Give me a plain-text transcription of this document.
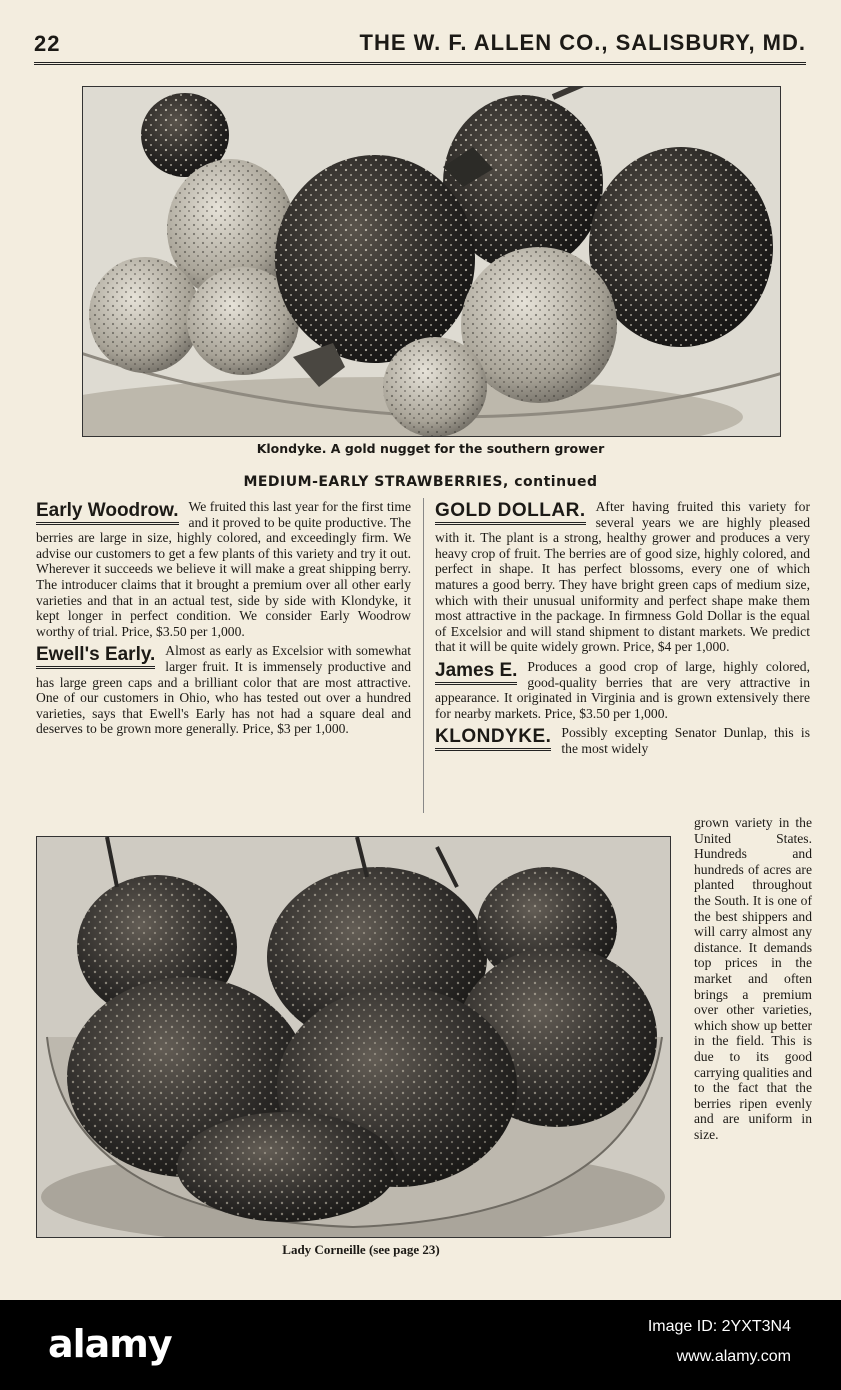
22	THE W. F. ALLEN CO., SALISBURY, MD.
Klondyke. A gold nugget for the southern grower
MEDIUM-EARLY STRAWBERRIES, continued

Early Woodrow. We fruited this last year for the first time and it proved to be quite productive. The berries are large in size, highly colored, and exceedingly firm. We advise our customers to get a few plants of this variety and try it out. Wherever it succeeds we believe it will make a great shipping berry. The introducer claims that it brought a premium over all other early varieties and that in an actual test, side by side with Klondyke, it kept longer in perfect condition. We consider Early Woodrow worthy of trial. Price, $3.50 per 1,000.

Ewell's Early. Almost as early as Excelsior with somewhat larger fruit. It is immensely productive and has large green caps and a brilliant color that are most attractive. One of our customers in Ohio, who has tested out over a hundred varieties, says that Ewell's Early has not had a square deal and deserves to be grown more generally. Price, $3 per 1,000.

GOLD DOLLAR. After having fruited this variety for several years we are highly pleased with it. The plant is a strong, healthy grower and produces a very heavy crop of fruit. The berries are of good size, highly colored, and perfect in shape. It has perfect blossoms, every one of which matures a good berry. They have bright green caps of medium size, which with their unusual uniformity and perfect shape make them most attractive in the package. In firmness Gold Dollar is the equal of Excelsior and will stand shipment to distant markets. We predict that it will be quite widely grown. Price, $4 per 1,000.

James E. Produces a good crop of large, highly colored, good-quality berries that are very attractive in appearance. It originated in Virginia and is grown extensively there for nearby markets. Price, $3.50 per 1,000.

KLONDYKE. Possibly excepting Senator Dunlap, this is the most widely

Lady Corneille (see page 23)
grown variety in the United States. Hundreds and hundreds of acres are planted throughout the South. It is one of the best shippers and will carry almost any distance. It demands top prices in the market and often brings a premium over other varieties, which show up better in the field. This is due to its good carrying qualities and to the fact that the berries ripen evenly and are uniform in size.
alamy	Image ID: 2YXT3N4
www.alamy.com
